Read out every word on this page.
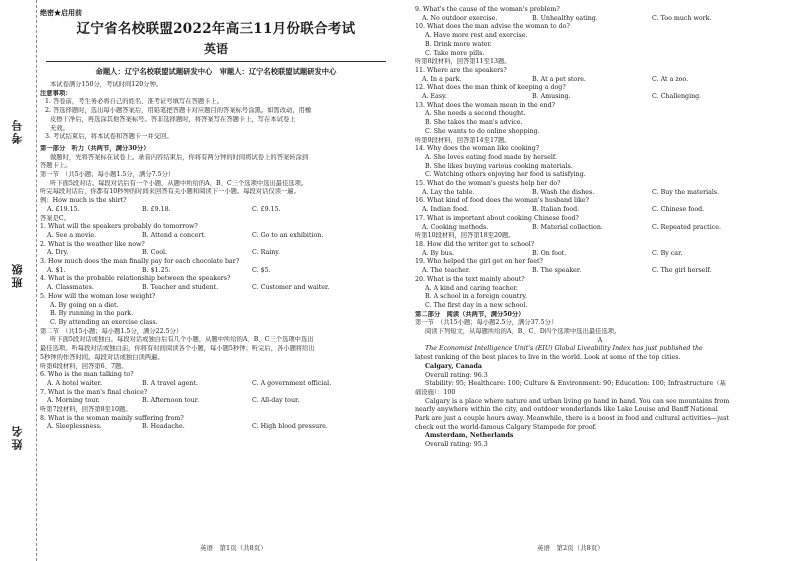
考号
班级
姓名
绝密★启用前
辽宁省名校联盟2022年高三11月份联合考试
英语
命题人：辽宁名校联盟试题研发中心　审题人：辽宁名校联盟试题研发中心
本试卷满分150分，考试时间120分钟。
注意事项：
1. 答卷前，考生务必将自己的姓名、准考证号填写在答题卡上。
2. 答选择题时，选出每小题答案后，用铅笔把答题卡对应题目的答案标号涂黑。如需改动，用橡
皮擦干净后，再选涂其他答案标号。答非选择题时，将答案写在答题卡上，写在本试卷上
无效。
3. 考试结束后，将本试卷和答题卡一并交回。
第一部分　听力（共两节，满分30分）
做题时，先将答案标在试卷上。录音内容结束后，你将有两分钟的时间将试卷上的答案转涂到
答题卡上。
第一节　（共5小题；每小题1.5分，满分7.5分）
听下面5段对话。每段对话后有一个小题，从题中所给的A、B、C三个选项中选出最佳选项。
听完每段对话后，你都有10秒钟的时间来回答有关小题和阅读下一小题。每段对话仅读一遍。
例：How much is the shirt?
A. £19.15.	B. £9.18.	C. £9.15.
答案是C。
1. What will the speakers probably do tomorrow?
A. See a movie.	B. Attend a concert.	C. Go to an exhibition.
2. What is the weather like now?
A. Dry.	B. Cool.	C. Rainy.
3. How much does the man finally pay for each chocolate bar?
A. $1.	B. $1.25.	C. $5.
4. What is the probable relationship between the speakers?
A. Classmates.	B. Teacher and student.	C. Customer and waiter.
5. How will the woman lose weight?
A. By going on a diet.
B. By running in the park.
C. By attending an exercise class.
第二节　（共15小题；每小题1.5分，满分22.5分）
听下面5段对话或独白。每段对话或独白后有几个小题，从题中所给的A、B、C三个选项中选出
最佳选项。听每段对话或独白前，你将有时间阅读各个小题，每小题5秒钟；听完后，各小题将给出
5秒钟的作答时间。每段对话或独白读两遍。
听第6段材料，回答第6、7题。
6. Who is the man talking to?
A. A hotel waiter.	B. A travel agent.	C. A government official.
7. What is the man's final choice?
A. Morning tour.	B. Afternoon tour.	C. All-day tour.
听第7段材料，回答第8至10题。
8. What is the woman mainly suffering from?
A. Sleeplessness.	B. Headache.	C. High blood pressure.
英语　第1页（共8页）
9. What's the cause of the woman's problem?
A. No outdoor exercise.	B. Unhealthy eating.	C. Too much work.
10. What does the man advise the woman to do?
A. Have more rest and exercise.
B. Drink more water.
C. Take more pills.
听第8段材料，回答第11至13题。
11. Where are the speakers?
A. In a park.	B. At a pet store.	C. At a zoo.
12. What does the man think of keeping a dog?
A. Easy.	B. Amusing.	C. Challenging.
13. What does the woman mean in the end?
A. She needs a second thought.
B. She takes the man's advice.
C. She wants to do online shopping.
听第9段材料，回答第14至17题。
14. Why does the woman like cooking?
A. She loves eating food made by herself.
B. She likes buying various cooking materials.
C. Watching others enjoying her food is satisfying.
15. What do the woman's guests help her do?
A. Lay the table.	B. Wash the dishes.	C. Buy the materials.
16. What kind of food does the woman's husband like?
A. Indian food.	B. Italian food.	C. Chinese food.
17. What is important about cooking Chinese food?
A. Cooking methods.	B. Material collection.	C. Repeated practice.
听第10段材料，回答第18至20题。
18. How did the writer get to school?
A. By bus.	B. On foot.	C. By car.
19. Who helped the girl get on her feet?
A. The teacher.	B. The speaker.	C. The girl herself.
20. What is the text mainly about?
A. A kind and caring teacher.
B. A school in a foreign country.
C. The first day in a new school.
第二部分　阅读（共两节，满分50分）
第一节　（共15小题；每小题2.5分，满分37.5分）
阅读下列短文，从每题所给的A、B、C、D四个选项中选出最佳选项。
A
The Economist Intelligence Unit's (EIU) Global Liveability Index has just published the
latest ranking of the best places to live in the world. Look at some of the top cities.
Calgary, Canada
Overall rating: 96.3
Stability: 95; Healthcare: 100; Culture & Environment: 90; Education: 100; Infrastructure（基
础设施）：100
Calgary is a place where nature and urban living go hand in hand. You can see mountains from
nearly anywhere within the city, and outdoor wonderlands like Lake Louise and Banff National
Park are just a couple hours away. Meanwhile, there is a boost in food and cultural activities—just
check out the world-famous Calgary Stampede for proof.
Amsterdam, Netherlands
Overall rating: 95.3
英语　第2页（共8页）
